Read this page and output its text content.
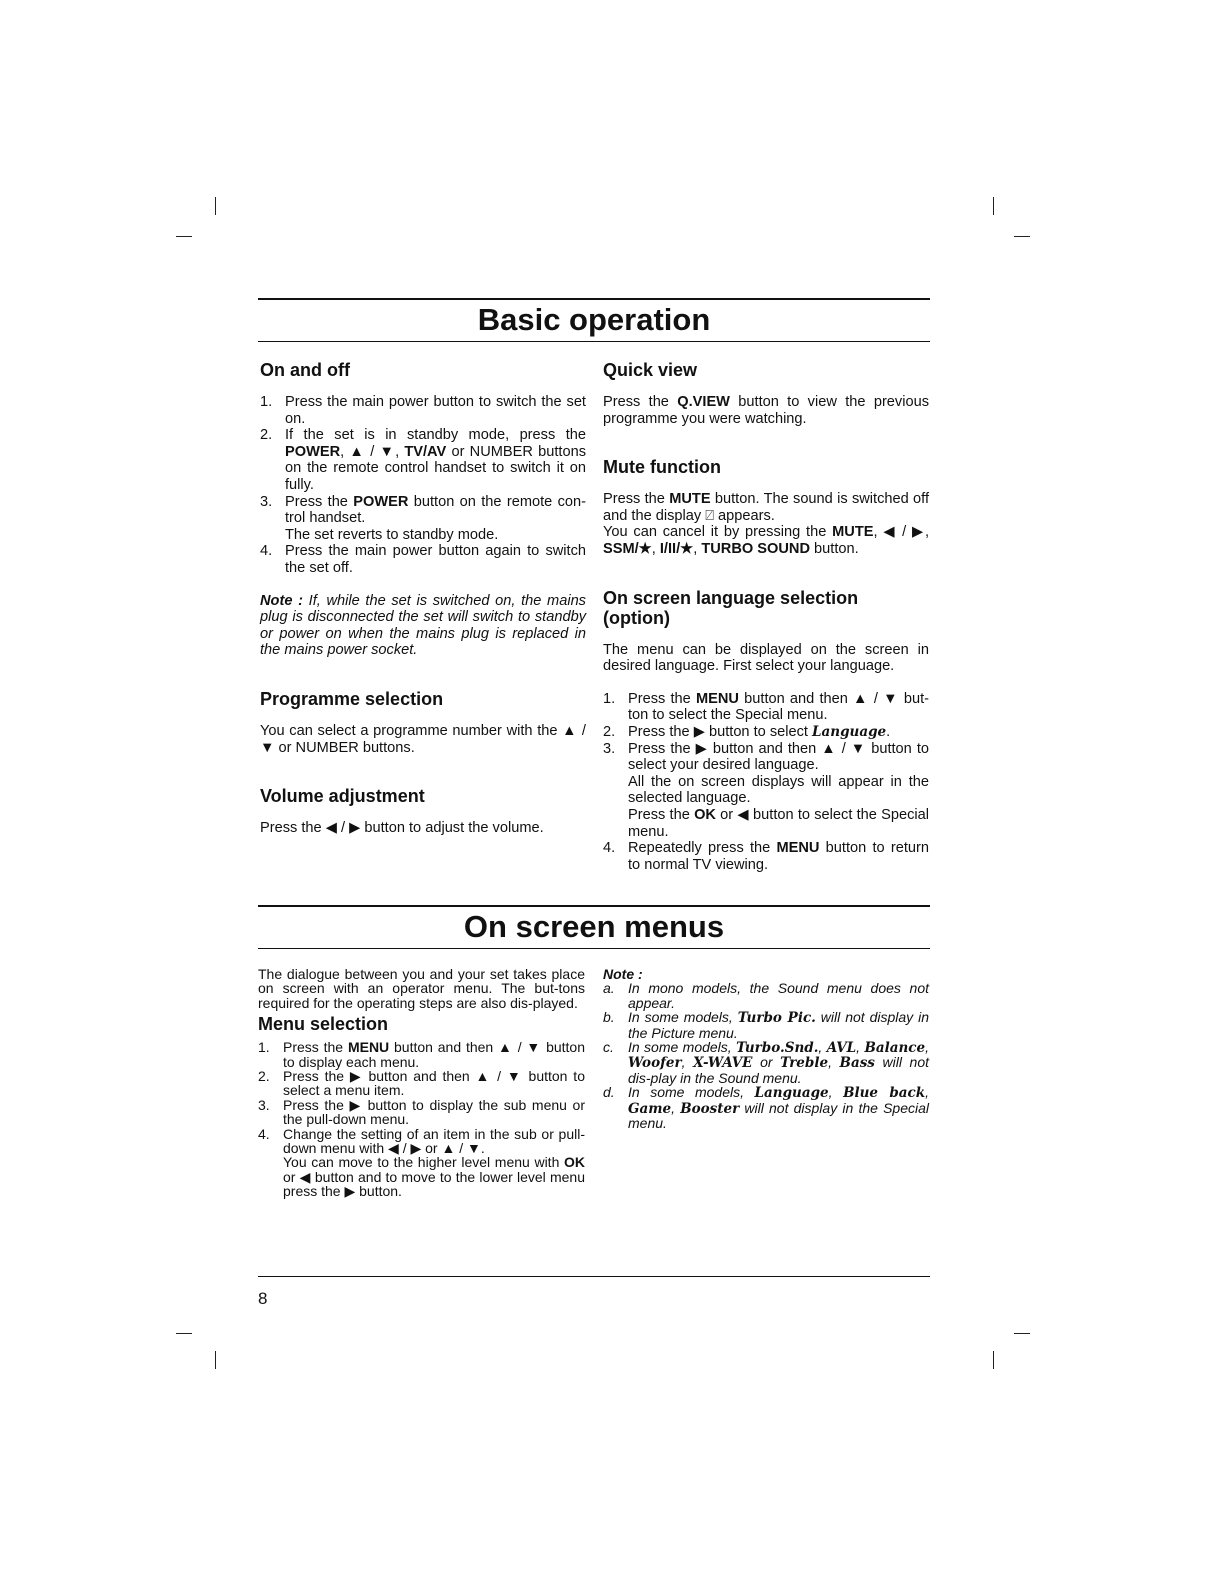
Basic operation
On and off
1. Press the main power button to switch the set on.
2. If the set is in standby mode, press the POWER, ▲ / ▼, TV/AV or NUMBER buttons on the remote control handset to switch it on fully.
3. Press the POWER button on the remote con-trol handset.
The set reverts to standby mode.
4. Press the main power button again to switch the set off.

Note : If, while the set is switched on, the mains plug is disconnected the set will switch to standby or power on when the mains plug is replaced in the mains power socket.

Programme selection

You can select a programme number with the ▲ / ▼ or NUMBER buttons.

Volume adjustment

Press the ◀ / ▶ button to adjust the volume.

Quick view

Press the Q.VIEW button to view the previous programme you were watching.

Mute function

Press the MUTE button. The sound is switched off and the display ⍁ appears.
You can cancel it by pressing the MUTE, ◀ / ▶, SSM/★, I/II/★, TURBO SOUND button.

On screen language selection (option)

The menu can be displayed on the screen in desired language. First select your language.

1. Press the MENU button and then ▲ / ▼ but-ton to select the Special menu.
2. Press the ▶ button to select Language.
3. Press the ▶ button and then ▲ / ▼ button to select your desired language.
All the on screen displays will appear in the selected language.
Press the OK or ◀ button to select the Special menu.
4. Repeatedly press the MENU button to return to normal TV viewing.
On screen menus

The dialogue between you and your set takes place on screen with an operator menu. The but-tons required for the operating steps are also dis-played.

Menu selection
1. Press the MENU button and then ▲ / ▼ button to display each menu.
2. Press the ▶ button and then ▲ / ▼ button to select a menu item.
3. Press the ▶ button to display the sub menu or the pull-down menu.
4. Change the setting of an item in the sub or pull-down menu with ◀ / ▶ or ▲ / ▼.
You can move to the higher level menu with OK or ◀ button and to move to the lower level menu press the ▶ button.

Note :

a. In mono models, the Sound menu does not appear.
b. In some models, Turbo Pic. will not display in the Picture menu.
c. In some models, Turbo.Snd., AVL, Balance, Woofer, X-WAVE or Treble, Bass will not dis-play in the Sound menu.
d. In some models, Language, Blue back, Game, Booster will not display in the Special menu.
8
